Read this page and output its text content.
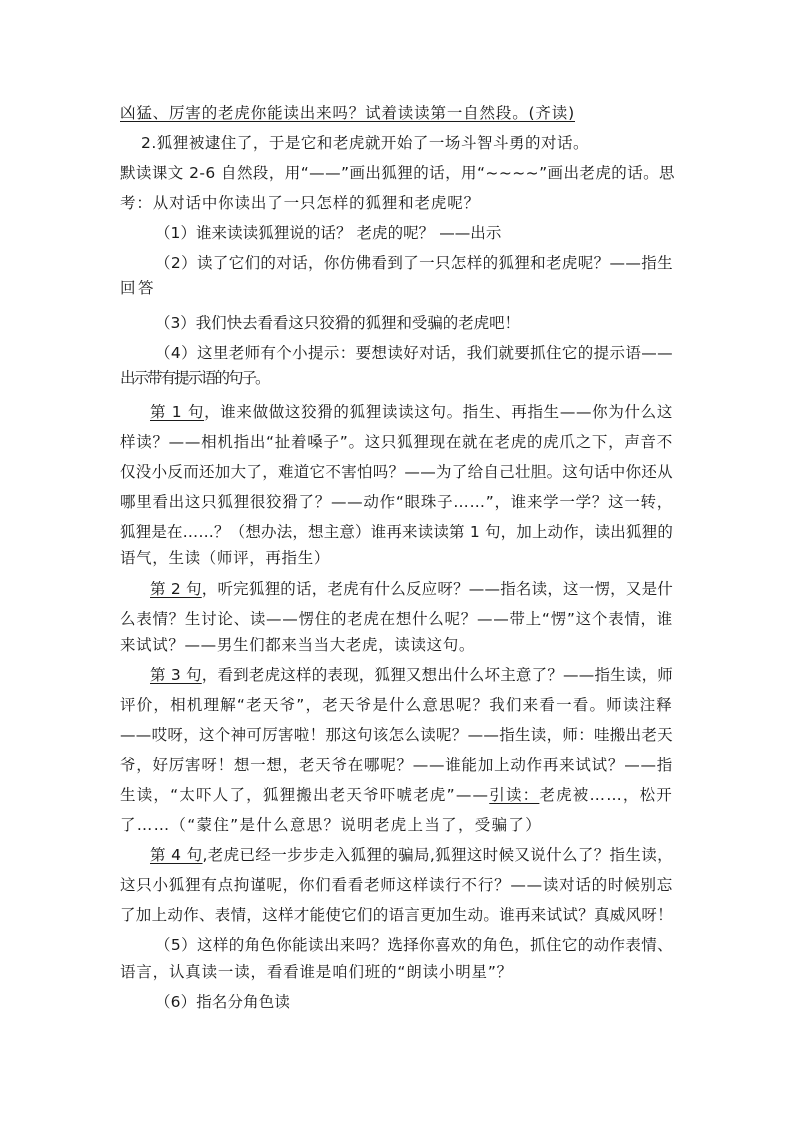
凶猛、厉害的老虎你能读出来吗？试着读读第一自然段。(齐读)
2.狐狸被逮住了，于是它和老虎就开始了一场斗智斗勇的对话。
默读课文 2-6 自然段，用“——”画出狐狸的话，用“~~~~”画出老虎的话。思
考：从对话中你读出了一只怎样的狐狸和老虎呢？
（1）谁来读读狐狸说的话？ 老虎的呢？ ——出示
（2）读了它们的对话，你仿佛看到了一只怎样的狐狸和老虎呢？——指生
回答
（3）我们快去看看这只狡猾的狐狸和受骗的老虎吧！
（4）这里老师有个小提示：要想读好对话，我们就要抓住它的提示语——
出示带有提示语的句子。
第 1 句，谁来做做这狡猾的狐狸读读这句。指生、再指生——你为什么这
样读？——相机指出“扯着嗓子”。这只狐狸现在就在老虎的虎爪之下，声音不
仅没小反而还加大了，难道它不害怕吗？——为了给自己壮胆。这句话中你还从
哪里看出这只狐狸很狡猾了？——动作“眼珠子……”，谁来学一学？这一转，
狐狸是在……？（想办法，想主意）谁再来读读第 1 句，加上动作，读出狐狸的
语气，生读（师评，再指生）
第 2 句，听完狐狸的话，老虎有什么反应呀？——指名读，这一愣，又是什
么表情？生讨论、读——愣住的老虎在想什么呢？——带上“愣”这个表情，谁
来试试？——男生们都来当当大老虎，读读这句。
第 3 句，看到老虎这样的表现，狐狸又想出什么坏主意了？——指生读，师
评价，相机理解“老天爷”，老天爷是什么意思呢？我们来看一看。师读注释
——哎呀，这个神可厉害啦！那这句该怎么读呢？——指生读，师：哇搬出老天
爷，好厉害呀！想一想，老天爷在哪呢？——谁能加上动作再来试试？——指
生读，“太吓人了，狐狸搬出老天爷吓唬老虎”——引读：老虎被……，松开
了……（“蒙住”是什么意思？说明老虎上当了，受骗了）
第 4 句,老虎已经一步步走入狐狸的骗局,狐狸这时候又说什么了？指生读，
这只小狐狸有点拘谨呢，你们看看老师这样读行不行？——读对话的时候别忘
了加上动作、表情，这样才能使它们的语言更加生动。谁再来试试？真威风呀！
（5）这样的角色你能读出来吗？选择你喜欢的角色，抓住它的动作表情、
语言，认真读一读，看看谁是咱们班的“朗读小明星”？
（6）指名分角色读
